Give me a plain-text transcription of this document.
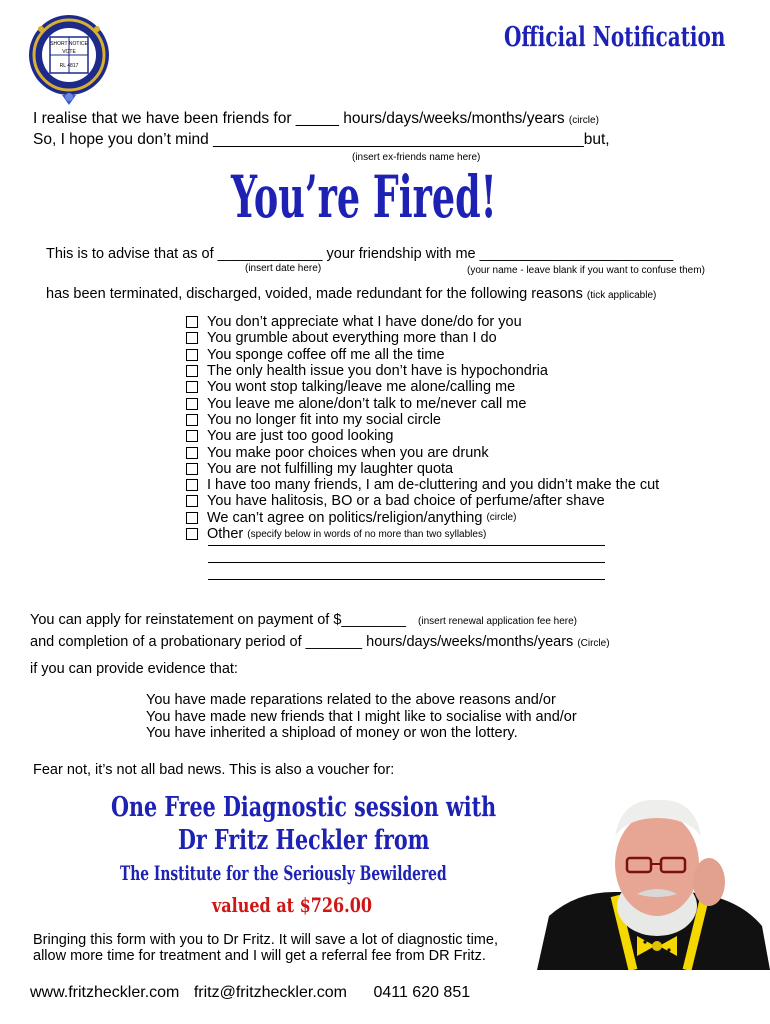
SHORT NOTICE
VOTE
RL 4817
Official Notification
I realise that we have been friends for _____ hours/days/weeks/months/years (circle)
So, I hope you don’t mind ___________________________________________but,
(insert ex-friends name here)
You’re Fired!
This is to advise that as of _____________ your friendship with me ________________________
(insert date here)	(your name - leave blank if you want to confuse them)
has been terminated, discharged, voided, made redundant for the following reasons (tick applicable)
You don’t appreciate what I have done/do for you
You grumble about everything more than I do
You sponge coffee off me all the time
The only health issue you don’t have is hypochondria
You wont stop talking/leave me alone/calling me
You leave me alone/don’t talk to me/never call me
You no longer fit into my social circle
You are just too good looking
You make poor choices when you are drunk
You are not fulfilling my laughter quota
I have too many friends, I am de-cluttering and you didn’t make the cut
You have halitosis, BO or a bad choice of perfume/after shave
We can’t agree on politics/religion/anything
(circle)
Other
(specify below in words of no more than two syllables)
You can apply for reinstatement on payment of $________ (insert renewal application fee here)
and completion of a probationary period of _______ hours/days/weeks/months/years (Circle)
if you can provide evidence that:
You have made reparations related to the above reasons and/or
You have made new friends that I might like to socialise with and/or
You have inherited a shipload of money or won the lottery.
Fear not, it’s not all bad news. This is also a voucher for:
One Free Diagnostic session with
Dr Fritz Heckler from
The Institute for the Seriously Bewildered
valued at $726.00
Bringing this form with you to Dr Fritz. It will save a lot of diagnostic time,
allow more time for treatment and I will get a referral fee from DR Fritz.
www.fritzheckler.com fritz@fritzheckler.com 0411 620 851
